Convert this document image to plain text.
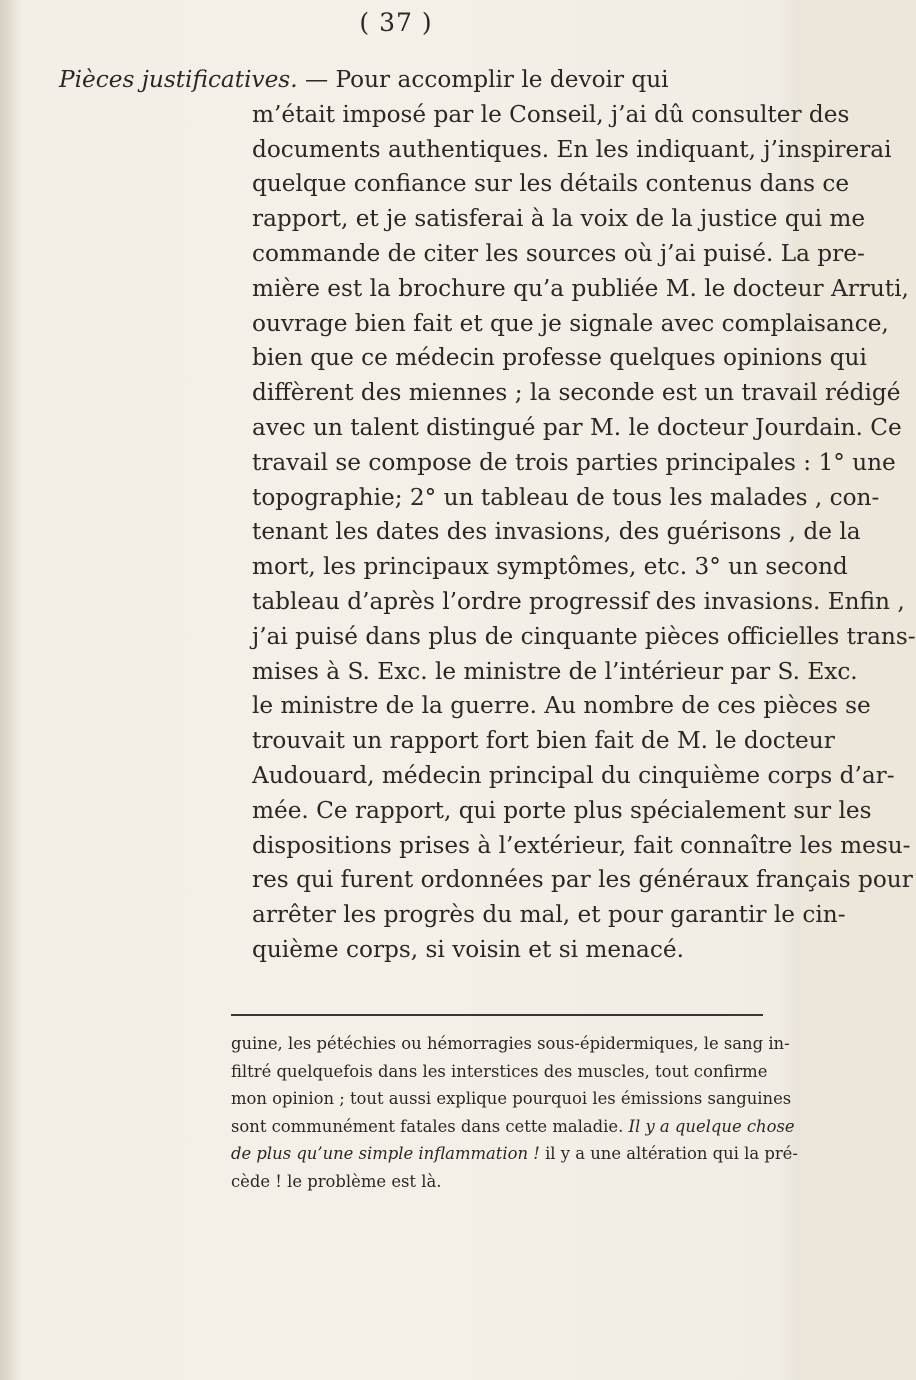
( 37 )
Pièces justificatives. — Pour accomplir le devoir qui
m’était imposé par le Conseil, j’ai dû consulter des
documents authentiques. En les indiquant, j’inspirerai
quelque confiance sur les détails contenus dans ce
rapport, et je satisferai à la voix de la justice qui me
commande de citer les sources où j’ai puisé. La pre-
mière est la brochure qu’a publiée M. le docteur Arruti,
ouvrage bien fait et que je signale avec complaisance,
bien que ce médecin professe quelques opinions qui
diffèrent des miennes ; la seconde est un travail rédigé
avec un talent distingué par M. le docteur Jourdain. Ce
travail se compose de trois parties principales : 1° une
topographie; 2° un tableau de tous les malades , con-
tenant les dates des invasions, des guérisons , de la
mort, les principaux symptômes, etc. 3° un second
tableau d’après l’ordre progressif des invasions. Enfin ,
j’ai puisé dans plus de cinquante pièces officielles trans-
mises à S. Exc. le ministre de l’intérieur par S. Exc.
le ministre de la guerre. Au nombre de ces pièces se
trouvait un rapport fort bien fait de M. le docteur
Audouard, médecin principal du cinquième corps d’ar-
mée. Ce rapport, qui porte plus spécialement sur les
dispositions prises à l’extérieur, fait connaître les mesu-
res qui furent ordonnées par les généraux français pour
arrêter les progrès du mal, et pour garantir le cin-
quième corps, si voisin et si menacé.
guine, les pétéchies ou hémorragies sous-épidermiques, le sang in-
filtré quelquefois dans les interstices des muscles, tout confirme
mon opinion ; tout aussi explique pourquoi les émissions sanguines
sont communément fatales dans cette maladie. Il y a quelque chose
de plus qu’une simple inflammation ! il y a une altération qui la pré-
cède ! le problème est là.
